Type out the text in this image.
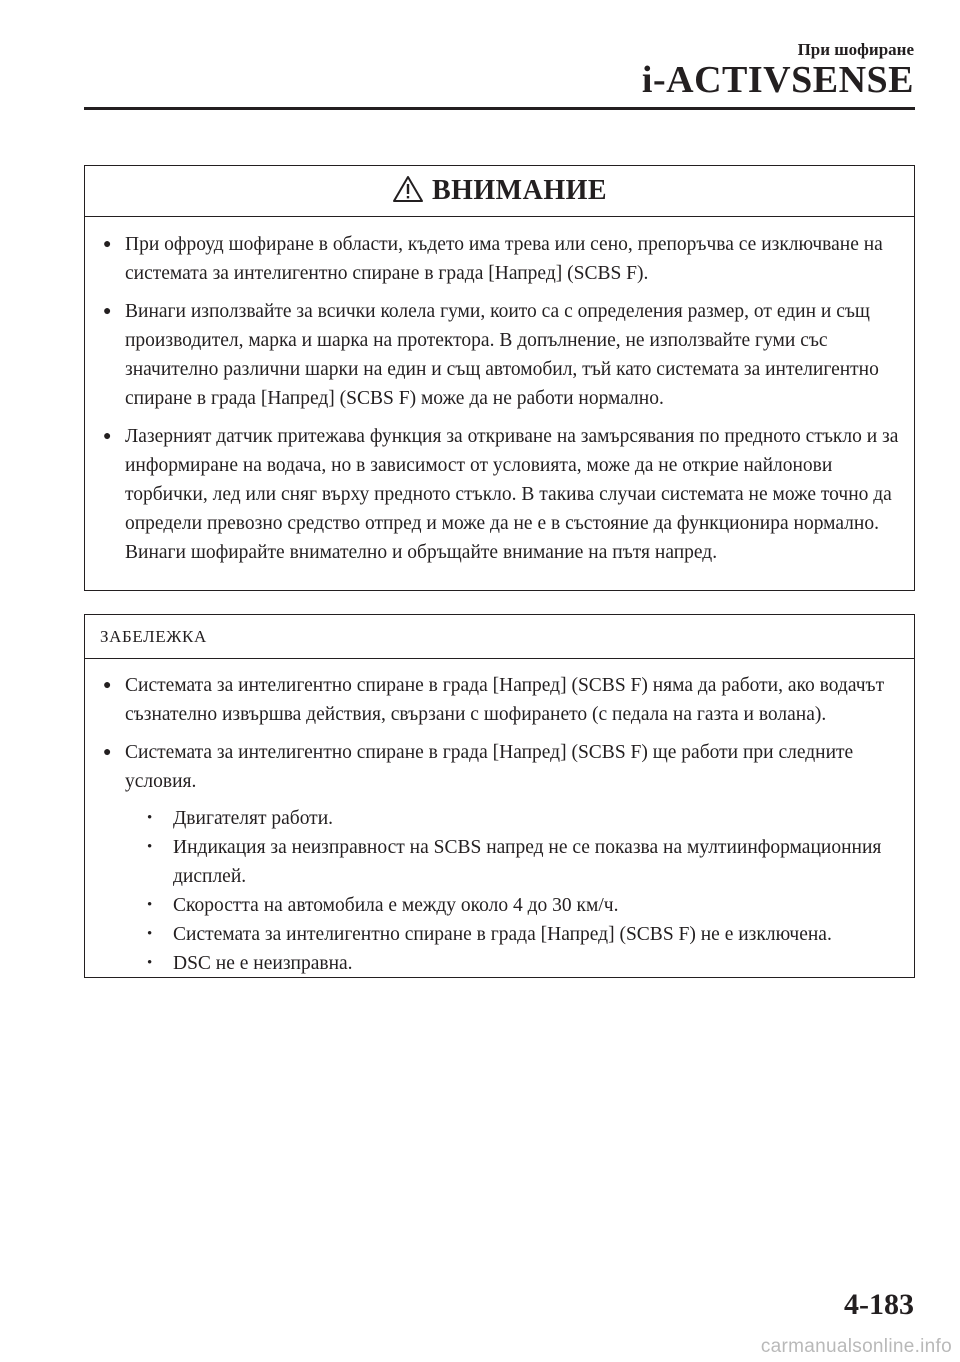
При шофиране
i-ACTIVSENSE
ВНИМАНИЕ
● При офроуд шофиране в области, където има трева или сено, препоръчва се изключване на системата за интелигентно спиране в града [Напред] (SCBS F).
● Винаги използвайте за всички колела гуми, които са с определения размер, от един и същ производител, марка и шарка на протектора. В допълнение, не използвайте гуми със значително различни шарки на един и същ автомобил, тъй като системата за интелигентно спиране в града [Напред] (SCBS F) може да не работи нормално.
● Лазерният датчик притежава функция за откриване на замърсявания по предното стъкло и за информиране на водача, но в зависимост от условията, може да не открие найлонови торбички, лед или сняг върху предното стъкло. В такива случаи системата не може точно да определи превозно средство отпред и може да не е в състояние да функционира нормално. Винаги шофирайте внимателно и обръщайте внимание на пътя напред.
ЗАБЕЛЕЖКА
● Системата за интелигентно спиране в града [Напред] (SCBS F) няма да работи, ако водачът съзнателно извършва действия, свързани с шофирането (с педала на газта и волана).
● Системата за интелигентно спиране в града [Напред] (SCBS F) ще работи при следните условия.
•	Двигателят работи.
•	Индикация за неизправност на SCBS напред не се показва на мултиинформационния дисплей.
•	Скоростта на автомобила е между около 4 до 30 км/ч.
•	Системата за интелигентно спиране в града [Напред] (SCBS F) не е изключена.
•	DSC не е неизправна.
4-183
carmanualsonline.info
